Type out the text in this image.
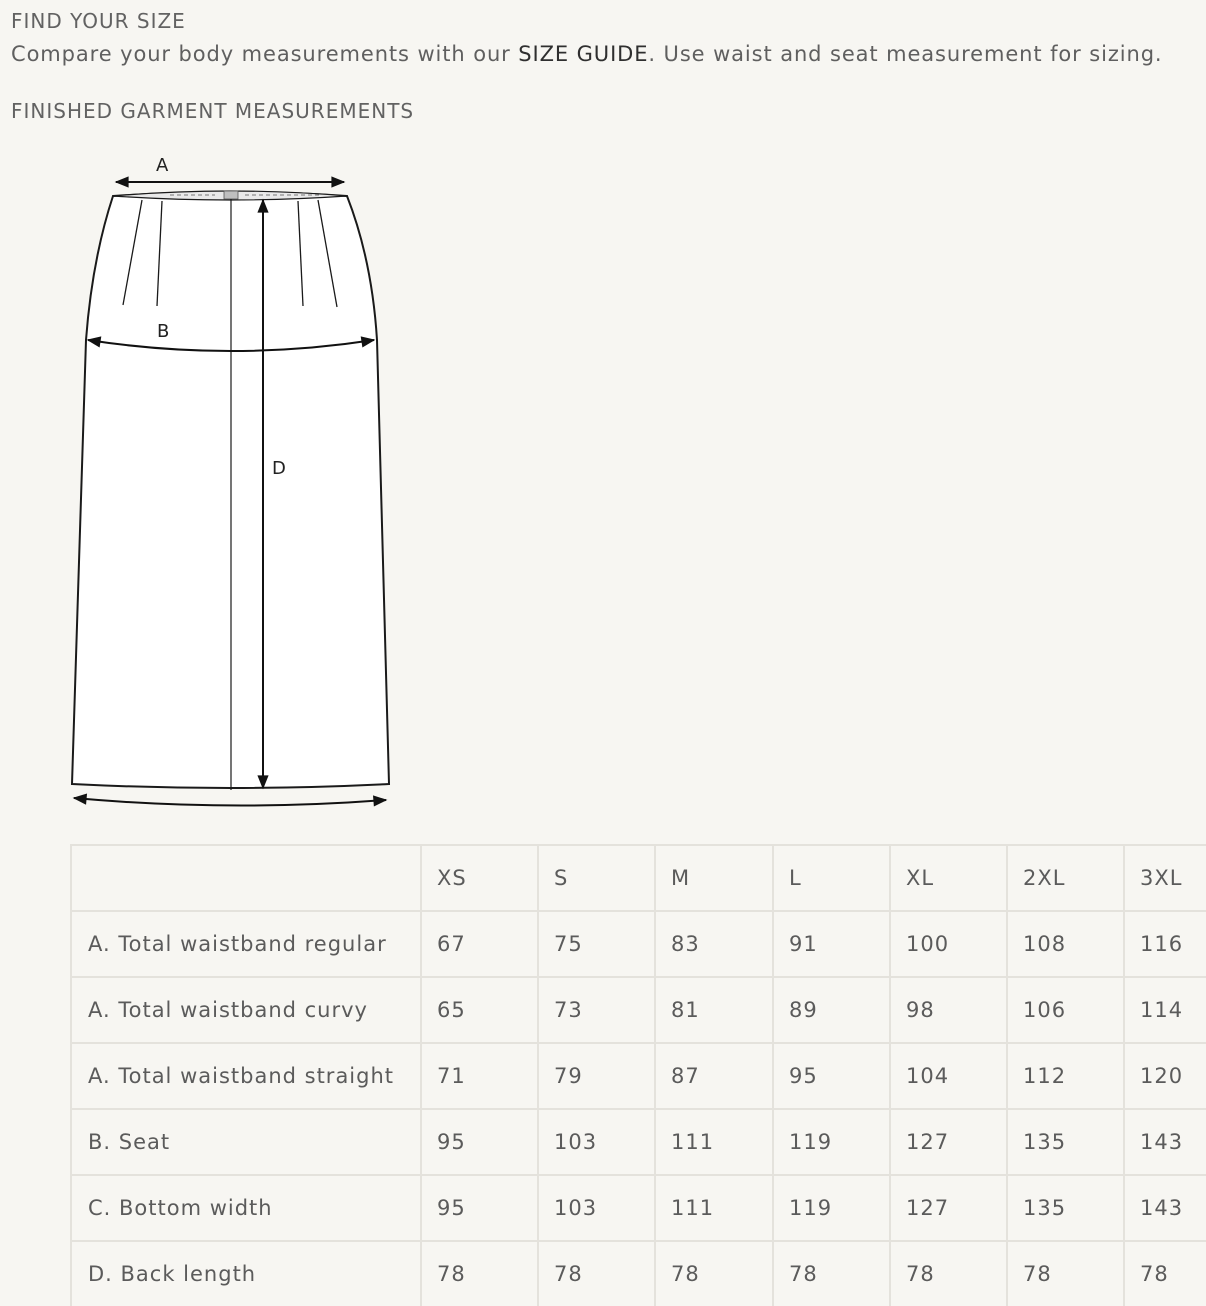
FIND YOUR SIZE
Compare your body measurements with our SIZE GUIDE. Use waist and seat measurement for sizing.
FINISHED GARMENT MEASUREMENTS
A
B
D
	XS	S	M	L	XL	2XL	3XL
A. Total waistband regular	67	75	83	91	100	108	116
A. Total waistband curvy	65	73	81	89	98	106	114
A. Total waistband straight	71	79	87	95	104	112	120
B. Seat	95	103	111	119	127	135	143
C. Bottom width	95	103	111	119	127	135	143
D. Back length	78	78	78	78	78	78	78
